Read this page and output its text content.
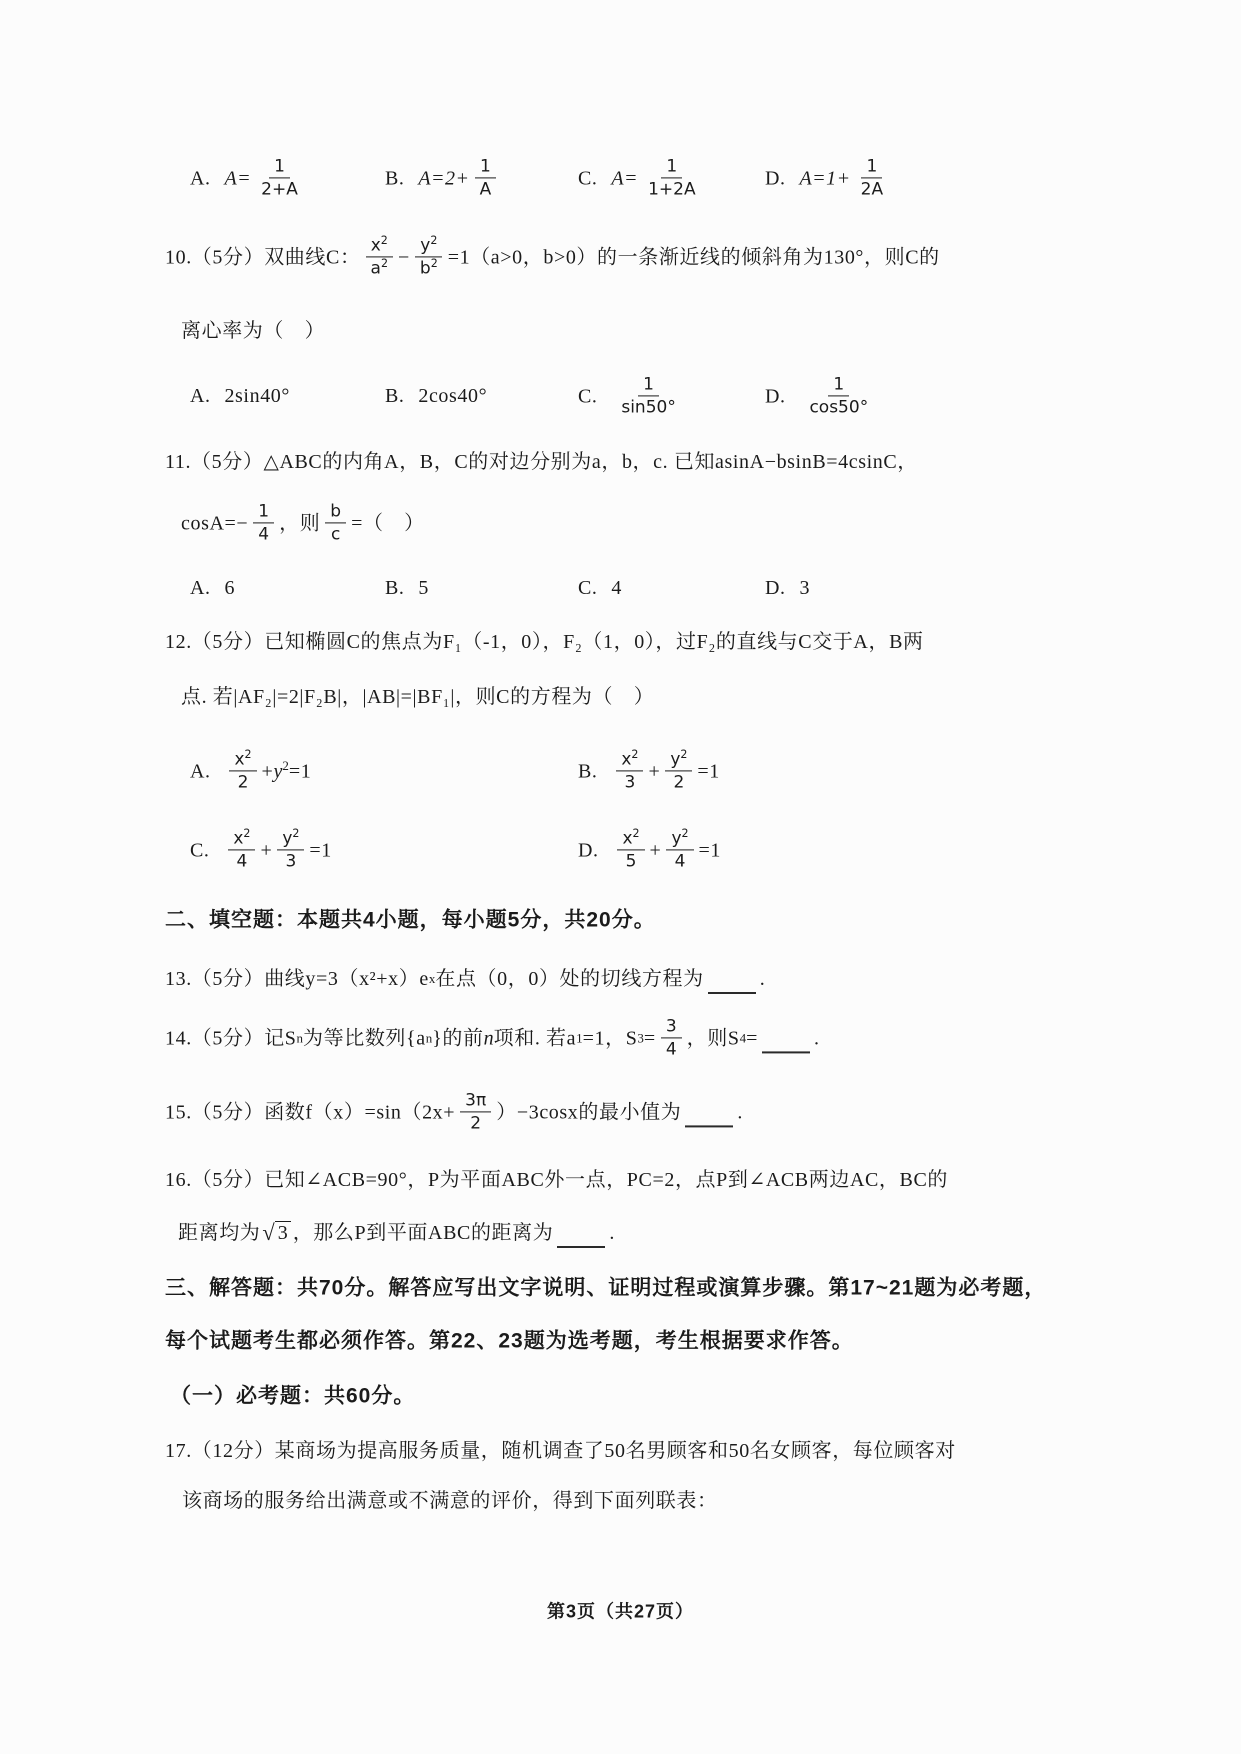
A. $A= \frac{1}{2+A}$	B. $A=2+ \frac{1}{A}$	C. $A= \frac{1}{1+2A}$	D. $A=1+ \frac{1}{2A}$
10.（5分）双曲线C： $\frac{x^2}{a^2} - \frac{y^2}{b^2} =1(a>0$，b>0）的一条渐近线的倾斜角为130°，则C的
离心率为（　）
A. 2sin40°	B. 2cos40°	C. $\frac{1}{\sin 50^\circ}$	D. $\frac{1}{\cos 50^\circ}$
11.（5分）△ABC的内角A，B，C的对边分别为a，b，c. 已知asinA−bsinB=4csinC，
$\cos A=- \frac{1}{4}$ ，则 $\frac{b}{c}$ =（　）
A. 6	B. 5	C. 4	D. 3
12.（5分）已知椭圆C的焦点为F₁（-1，0），F₂（1，0），过F₂的直线与C交于A，B两
点. 若|AF₂|=2|F₂B|，|AB|=|BF₁|，则C的方程为（　）
A. $\frac{x^2}{2} + y^2 =1$	B. $\frac{x^2}{3} + \frac{y^2}{2} =1$
C. $\frac{x^2}{4} + \frac{y^2}{3} =1$	D. $\frac{x^2}{5} + \frac{y^2}{4} =1$
二、填空题：本题共4小题，每小题5分，共20分。
13.（5分）曲线y=3（x²+x）e x 在点（0，0）处的切线方程为	.
14.（5分）记S n 为等比数列{a n }的前 n 项和. 若a 1 =1，S $3 = \frac{3}{4}$ ，则S 4 =	.
15.（5分）函数$f(x)=\sin(2x+ \frac{3\pi}{2} )-3\cos x$的最小值为	.
16.（5分）已知∠ACB=90°，P为平面ABC外一点，PC=2，点P到∠ACB两边AC，BC的
距离均为 √ 3 ，那么P到平面ABC的距离为	.
三、解答题：共70分。解答应写出文字说明、证明过程或演算步骤。第17~21题为必考题，
每个试题考生都必须作答。第22、23题为选考题，考生根据要求作答。
（一）必考题：共60分。
17.（12分）某商场为提高服务质量，随机调查了50名男顾客和50名女顾客，每位顾客对
该商场的服务给出满意或不满意的评价，得到下面列联表：
第3页（共27页）
